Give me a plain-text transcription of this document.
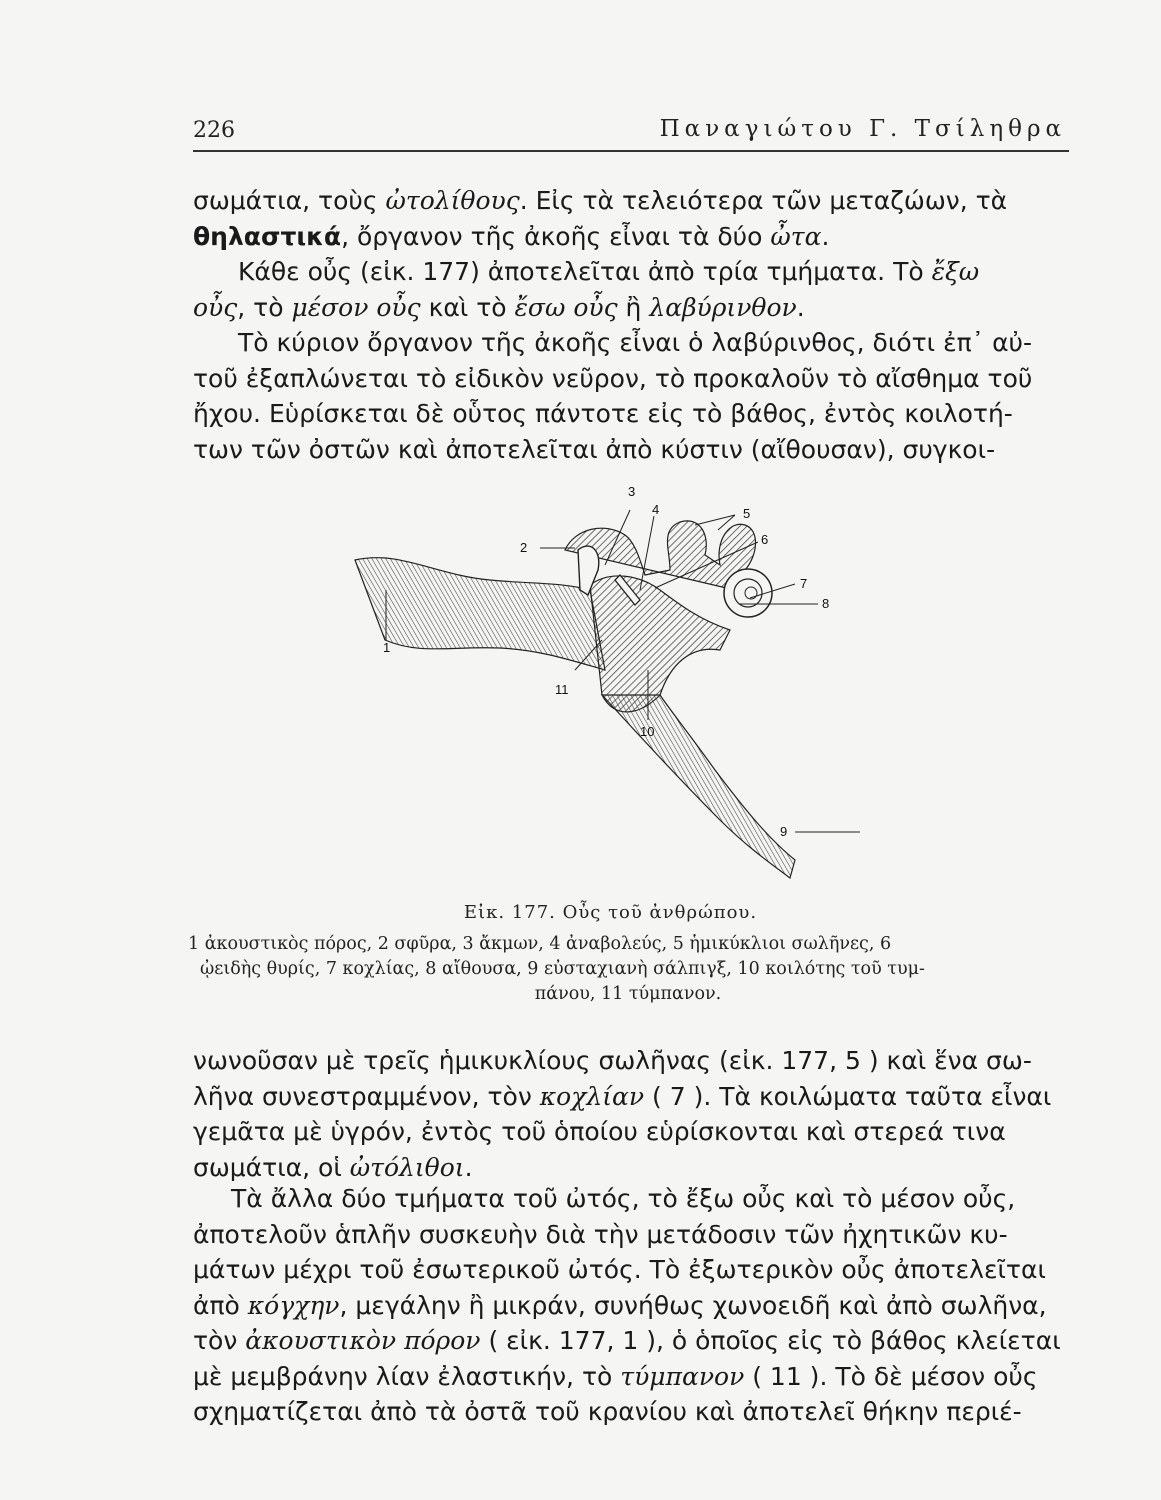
226	Παναγιώτου Γ. Τσίληθρα
σωμάτια, τοὺς ὠτολίθους. Εἰς τὰ τελειότερα τῶν μεταζώων, τὰ
θηλαστικά, ὄργανον τῆς ἀκοῆς εἶναι τὰ δύο ὦτα.
Κάθε οὖς (εἰκ. 177) ἀποτελεῖται ἀπὸ τρία τμήματα. Τὸ ἔξω
οὖς, τὸ μέσον οὖς καὶ τὸ ἔσω οὖς ἢ λαβύρινθον.
Τὸ κύριον ὄργανον τῆς ἀκοῆς εἶναι ὁ λαβύρινθος, διότι ἐπ᾽ αὐ-
τοῦ ἐξαπλώνεται τὸ εἰδικὸν νεῦρον, τὸ προκαλοῦν τὸ αἴσθημα τοῦ
ἤχου. Εὑρίσκεται δὲ οὗτος πάντοτε εἰς τὸ βάθος, ἐντὸς κοιλοτή-
των τῶν ὀστῶν καὶ ἀποτελεῖται ἀπὸ κύστιν (αἴθουσαν), συγκοι-
1
2
3
4	5
6
7
8
9
10
11
Εἰκ. 177. Οὖς τοῦ ἀνθρώπου.
1 ἀκουστικὸς πόρος, 2 σφῦρα, 3 ἄκμων, 4 ἀναβολεύς, 5 ἡμικύκλιοι σωλῆνες, 6
ᾠειδὴς θυρίς, 7 κοχλίας, 8 αἴθουσα, 9 εὐσταχιανὴ σάλπιγξ, 10 κοιλότης τοῦ τυμ-
πάνου, 11 τύμπανον.
νωνοῦσαν μὲ τρεῖς ἡμικυκλίους σωλῆνας (εἰκ. 177, 5 ) καὶ ἕνα σω-
λῆνα συνεστραμμένον, τὸν κοχλίαν ( 7 ). Τὰ κοιλώματα ταῦτα εἶναι
γεμᾶτα μὲ ὑγρόν, ἐντὸς τοῦ ὁποίου εὑρίσκονται καὶ στερεά τινα
σωμάτια, οἱ ὠτόλιθοι.
Τὰ ἄλλα δύο τμήματα τοῦ ὠτός, τὸ ἔξω οὖς καὶ τὸ μέσον οὖς,
ἀποτελοῦν ἁπλῆν συσκευὴν διὰ τὴν μετάδοσιν τῶν ἠχητικῶν κυ-
μάτων μέχρι τοῦ ἐσωτερικοῦ ὠτός. Τὸ ἐξωτερικὸν οὖς ἀποτελεῖται
ἀπὸ κόγχην, μεγάλην ἢ μικράν, συνήθως χωνοειδῆ καὶ ἀπὸ σωλῆνα,
τὸν ἀκουστικὸν πόρον ( εἰκ. 177, 1 ), ὁ ὁποῖος εἰς τὸ βάθος κλείεται
μὲ μεμβράνην λίαν ἐλαστικήν, τὸ τύμπανον ( 11 ). Τὸ δὲ μέσον οὖς
σχηματίζεται ἀπὸ τὰ ὀστᾶ τοῦ κρανίου καὶ ἀποτελεῖ θήκην περιέ-
